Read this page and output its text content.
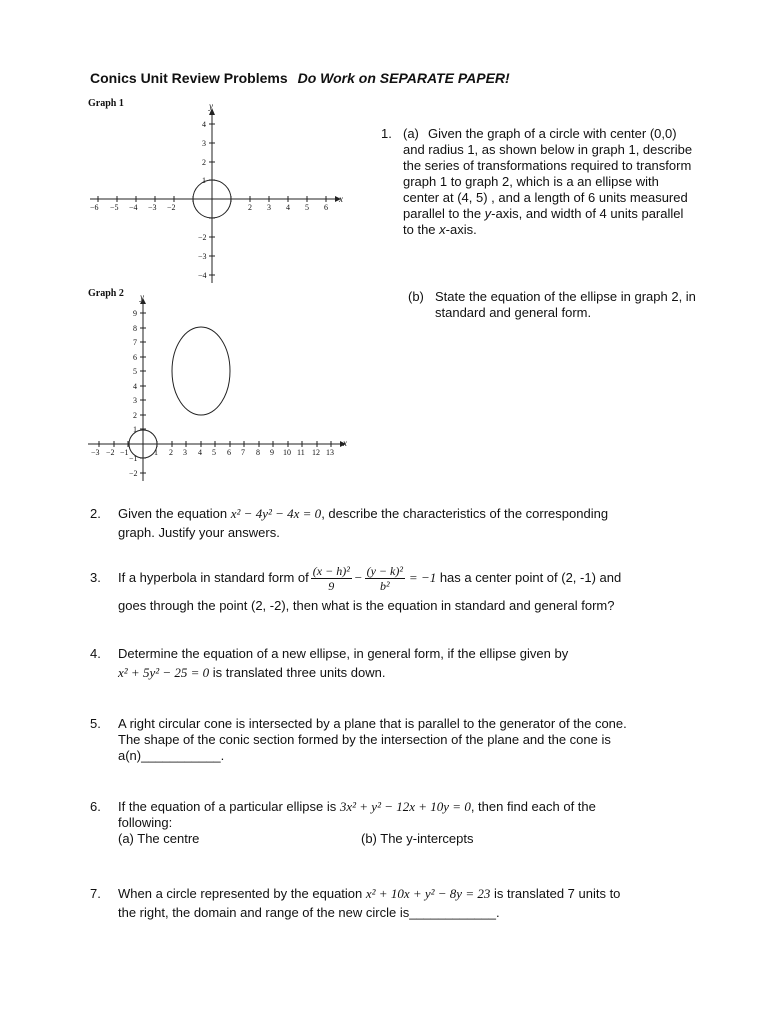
Conics Unit Review Problems Do Work on SEPARATE PAPER!
Graph 1
x
y
−6 −5 −4 −3 −2	2 3 4 5 6
4
3
2
1
−2
−3
−4
Graph 2
x
y
−3 −2 −1	1 2 3 4 5 6 7 8 9 10 11 12 13
9
8
7
6
5
4
3
2
1
−1
−2
1. (a) Given the graph of a circle with center (0,0)
and radius 1, as shown below in graph 1, describe
the series of transformations required to transform
graph 1 to graph 2, which is a an ellipse with
center at (4, 5) , and a length of 6 units measured
parallel to the y-axis, and width of 4 units parallel
to the x-axis.
(b) State the equation of the ellipse in graph 2, in
standard and general form.
2. Given the equation x² − 4y² − 4x = 0, describe the characteristics of the corresponding
graph. Justify your answers.
3. If a hyperbola in standard form of $\frac{\text{(x − h)²}}{9} - \frac{\text{(y − k)²}}{\text{b²}} = -1$ has a center point of (2, -1) and
goes through the point (2, -2), then what is the equation in standard and general form?
4. Determine the equation of a new ellipse, in general form, if the ellipse given by
x² + 5y² − 25 = 0 is translated three units down.
5. A right circular cone is intersected by a plane that is parallel to the generator of the cone.
The shape of the conic section formed by the intersection of the plane and the cone is
a(n)___________.
6. If the equation of a particular ellipse is 3x² + y² − 12x + 10y = 0, then find each of the
following:
(a) The centre	(b) The y-intercepts
7. When a circle represented by the equation x² + 10x + y² − 8y = 23 is translated 7 units to
the right, the domain and range of the new circle is____________.
